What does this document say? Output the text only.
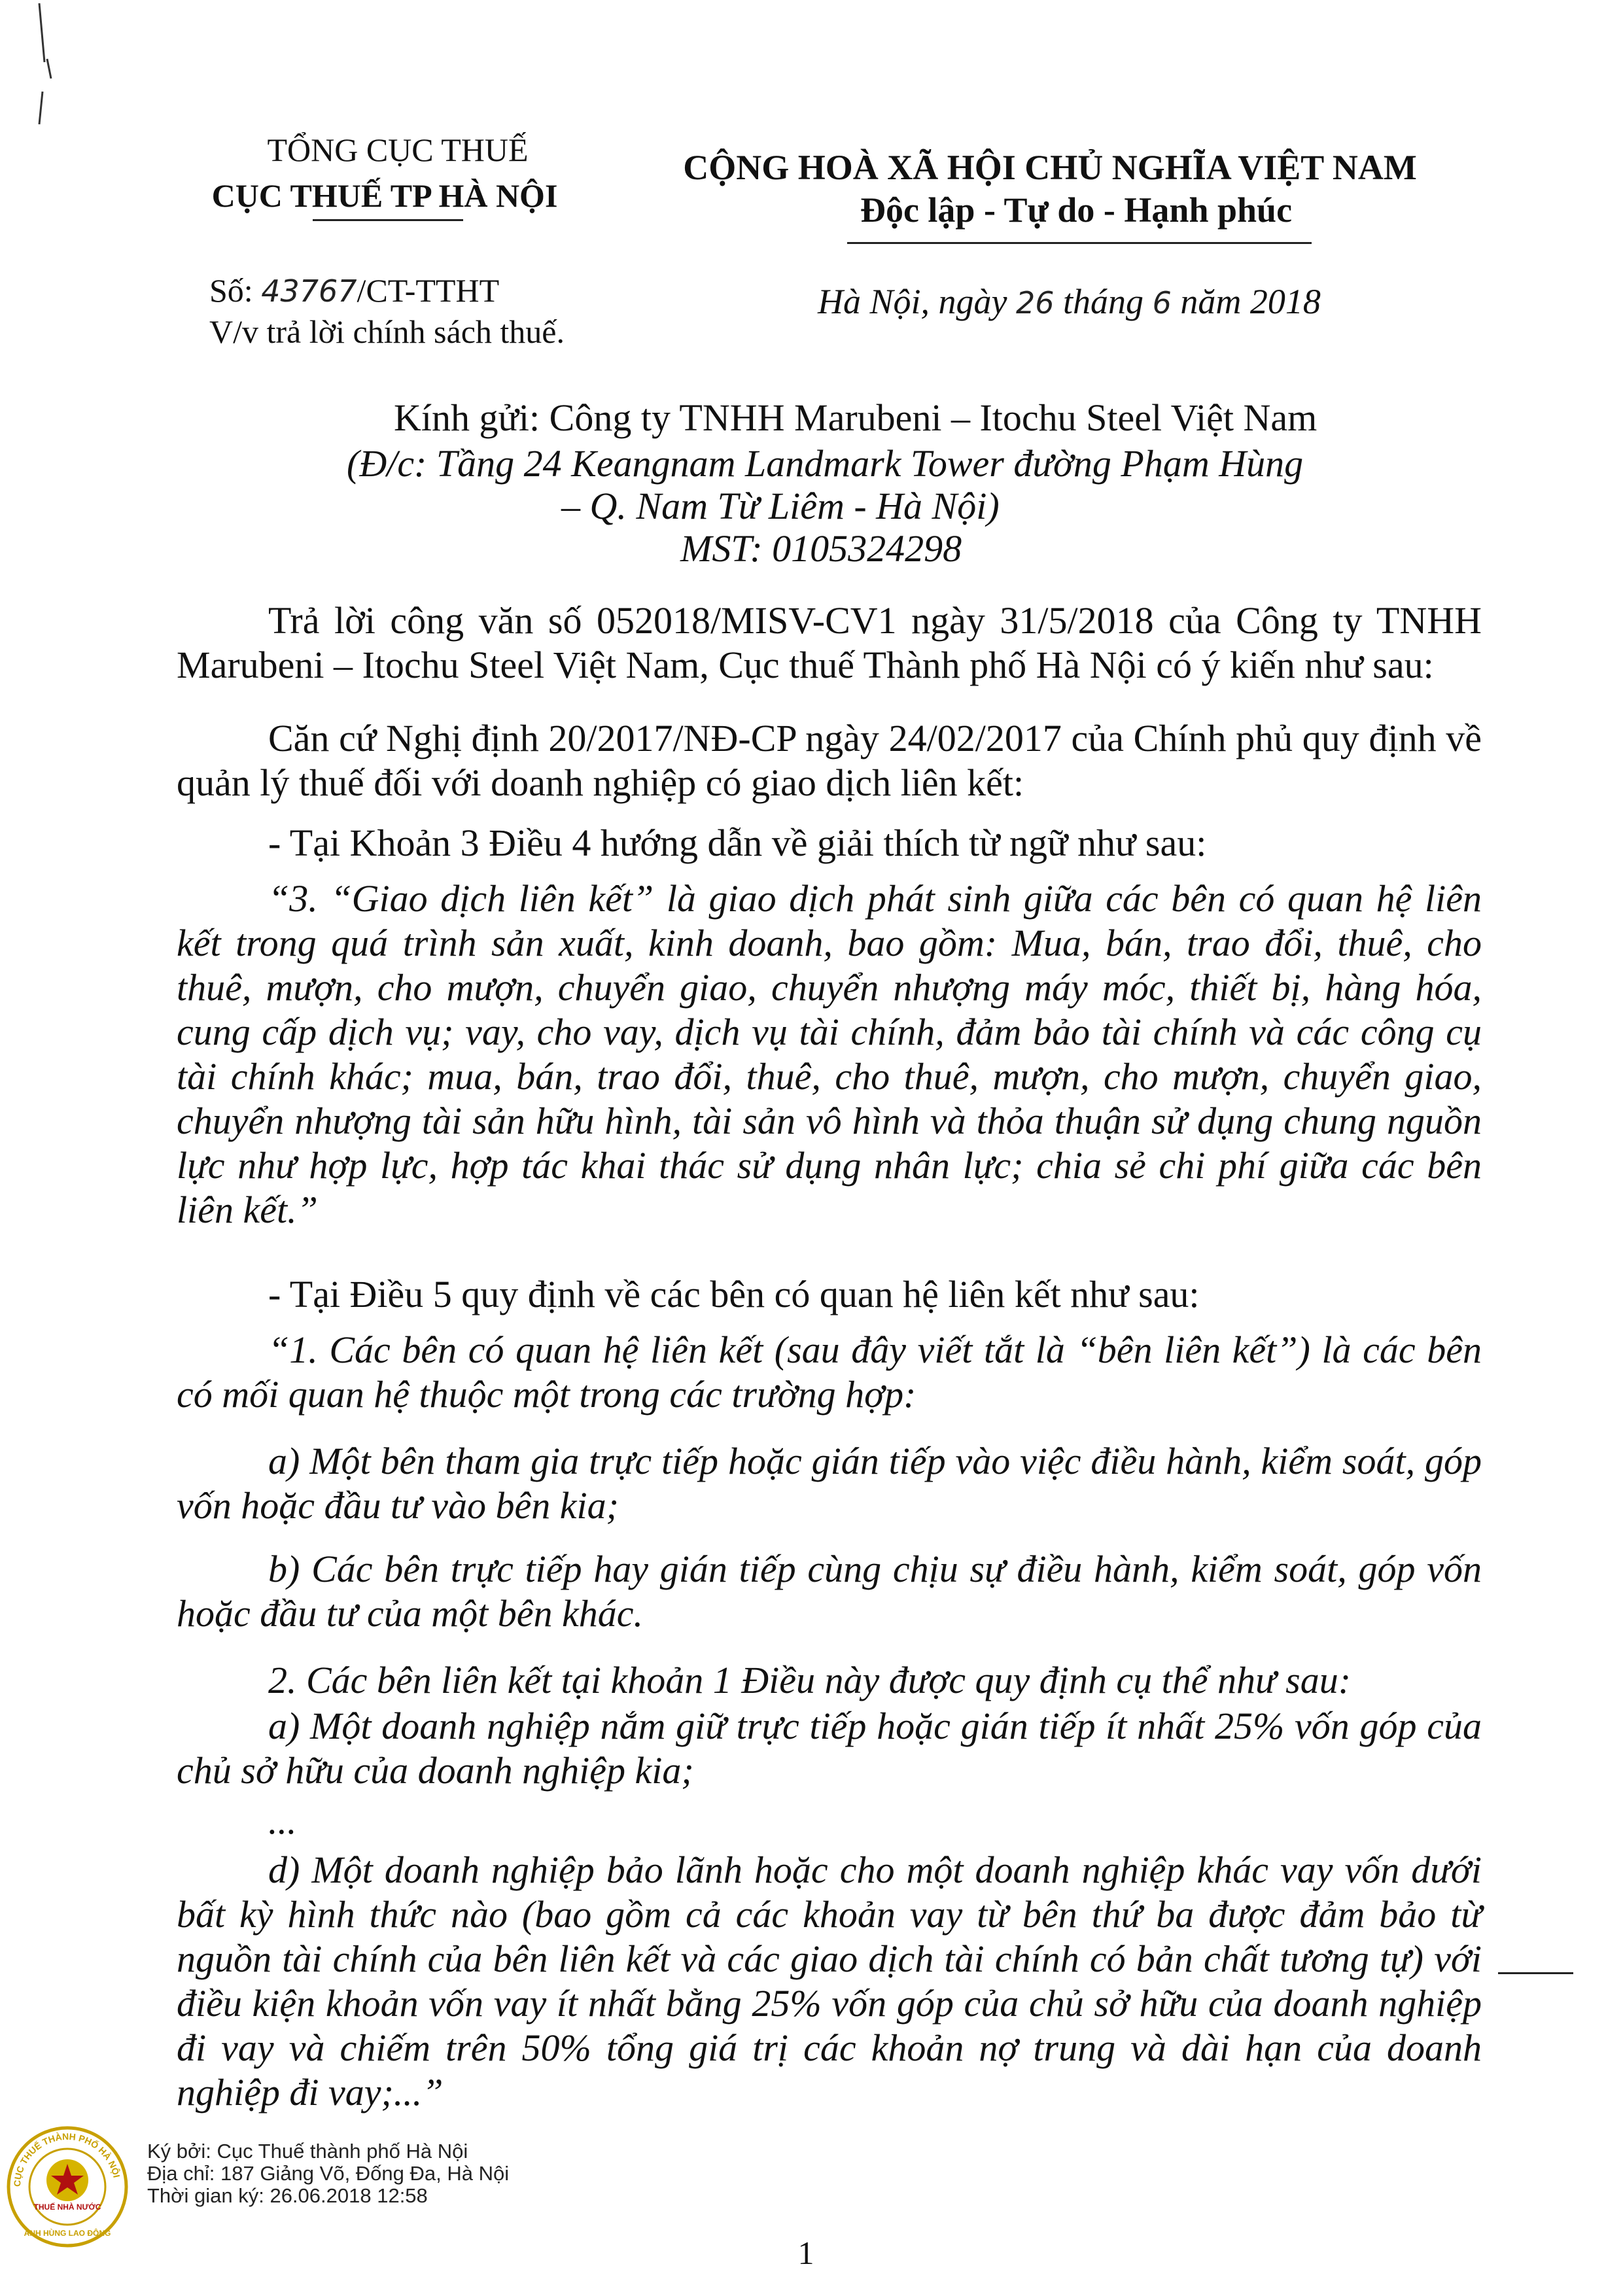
TỔNG CỤC THUẾ
CỤC THUẾ TP HÀ NỘI
Số: 43767/CT-TTHT
V/v trả lời chính sách thuế.
CỘNG HOÀ XÃ HỘI CHỦ NGHĨA VIỆT NAM
Độc lập - Tự do - Hạnh phúc
Hà Nội, ngày 26 tháng 6 năm 2018
Kính gửi: Công ty TNHH Marubeni – Itochu Steel Việt Nam
(Đ/c: Tầng 24 Keangnam Landmark Tower đường Phạm Hùng
– Q. Nam Từ Liêm - Hà Nội)
MST: 0105324298
Trả lời công văn số 052018/MISV-CV1 ngày 31/5/2018 của Công ty TNHH Marubeni – Itochu Steel Việt Nam, Cục thuế Thành phố Hà Nội có ý kiến như sau:
Căn cứ Nghị định 20/2017/NĐ-CP ngày 24/02/2017 của Chính phủ quy định về quản lý thuế đối với doanh nghiệp có giao dịch liên kết:
- Tại Khoản 3 Điều 4 hướng dẫn về giải thích từ ngữ như sau:
“3. “Giao dịch liên kết” là giao dịch phát sinh giữa các bên có quan hệ liên kết trong quá trình sản xuất, kinh doanh, bao gồm: Mua, bán, trao đổi, thuê, cho thuê, mượn, cho mượn, chuyển giao, chuyển nhượng máy móc, thiết bị, hàng hóa, cung cấp dịch vụ; vay, cho vay, dịch vụ tài chính, đảm bảo tài chính và các công cụ tài chính khác; mua, bán, trao đổi, thuê, cho thuê, mượn, cho mượn, chuyển giao, chuyển nhượng tài sản hữu hình, tài sản vô hình và thỏa thuận sử dụng chung nguồn lực như hợp lực, hợp tác khai thác sử dụng nhân lực; chia sẻ chi phí giữa các bên liên kết.”
- Tại Điều 5 quy định về các bên có quan hệ liên kết như sau:
“1. Các bên có quan hệ liên kết (sau đây viết tắt là “bên liên kết”) là các bên có mối quan hệ thuộc một trong các trường hợp:
a) Một bên tham gia trực tiếp hoặc gián tiếp vào việc điều hành, kiểm soát, góp vốn hoặc đầu tư vào bên kia;
b) Các bên trực tiếp hay gián tiếp cùng chịu sự điều hành, kiểm soát, góp vốn hoặc đầu tư của một bên khác.
2. Các bên liên kết tại khoản 1 Điều này được quy định cụ thể như sau:
a) Một doanh nghiệp nắm giữ trực tiếp hoặc gián tiếp ít nhất 25% vốn góp của chủ sở hữu của doanh nghiệp kia;
...
d) Một doanh nghiệp bảo lãnh hoặc cho một doanh nghiệp khác vay vốn dưới bất kỳ hình thức nào (bao gồm cả các khoản vay từ bên thứ ba được đảm bảo từ nguồn tài chính của bên liên kết và các giao dịch tài chính có bản chất tương tự) với điều kiện khoản vốn vay ít nhất bằng 25% vốn góp của chủ sở hữu của doanh nghiệp đi vay và chiếm trên 50% tổng giá trị các khoản nợ trung và dài hạn của doanh nghiệp đi vay;...”
CỤC THUẾ THÀNH PHỐ HÀ NỘI
THUẾ NHÀ NƯỚC
ANH HÙNG LAO ĐỘNG
Ký bởi: Cục Thuế thành phố Hà Nội
Địa chỉ: 187 Giảng Võ, Đống Đa, Hà Nội
Thời gian ký: 26.06.2018 12:58
1
